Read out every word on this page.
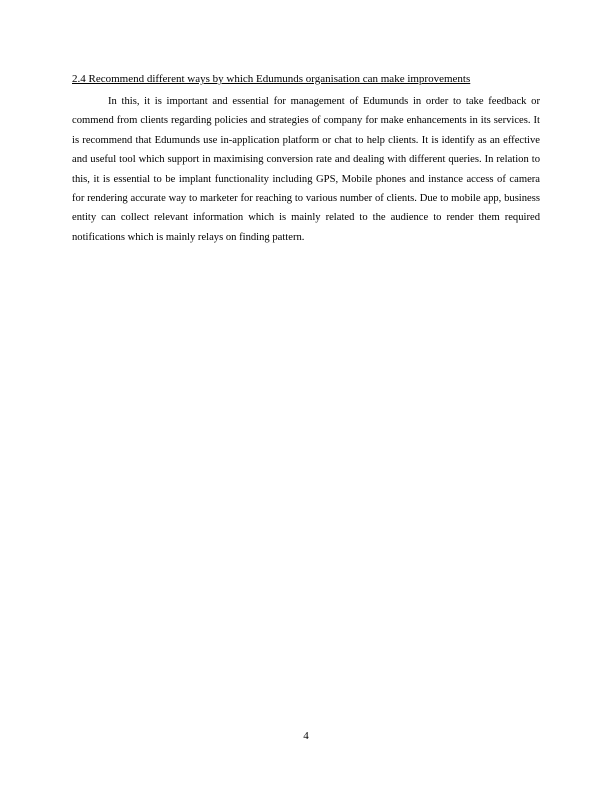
2.4 Recommend different ways by which Edumunds organisation can make improvements

In this, it is important and essential for management of Edumunds in order to take feedback or commend from clients regarding policies and strategies of company for make enhancements in its services. It is recommend that Edumunds use in-application platform or chat to help clients. It is identify as an effective and useful tool which support in maximising conversion rate and dealing with different queries. In relation to this, it is essential to be implant functionality including GPS, Mobile phones and instance access of camera for rendering accurate way to marketer for reaching to various number of clients. Due to mobile app, business entity can collect relevant information which is mainly related to the audience to render them required notifications which is mainly relays on finding pattern.

4
